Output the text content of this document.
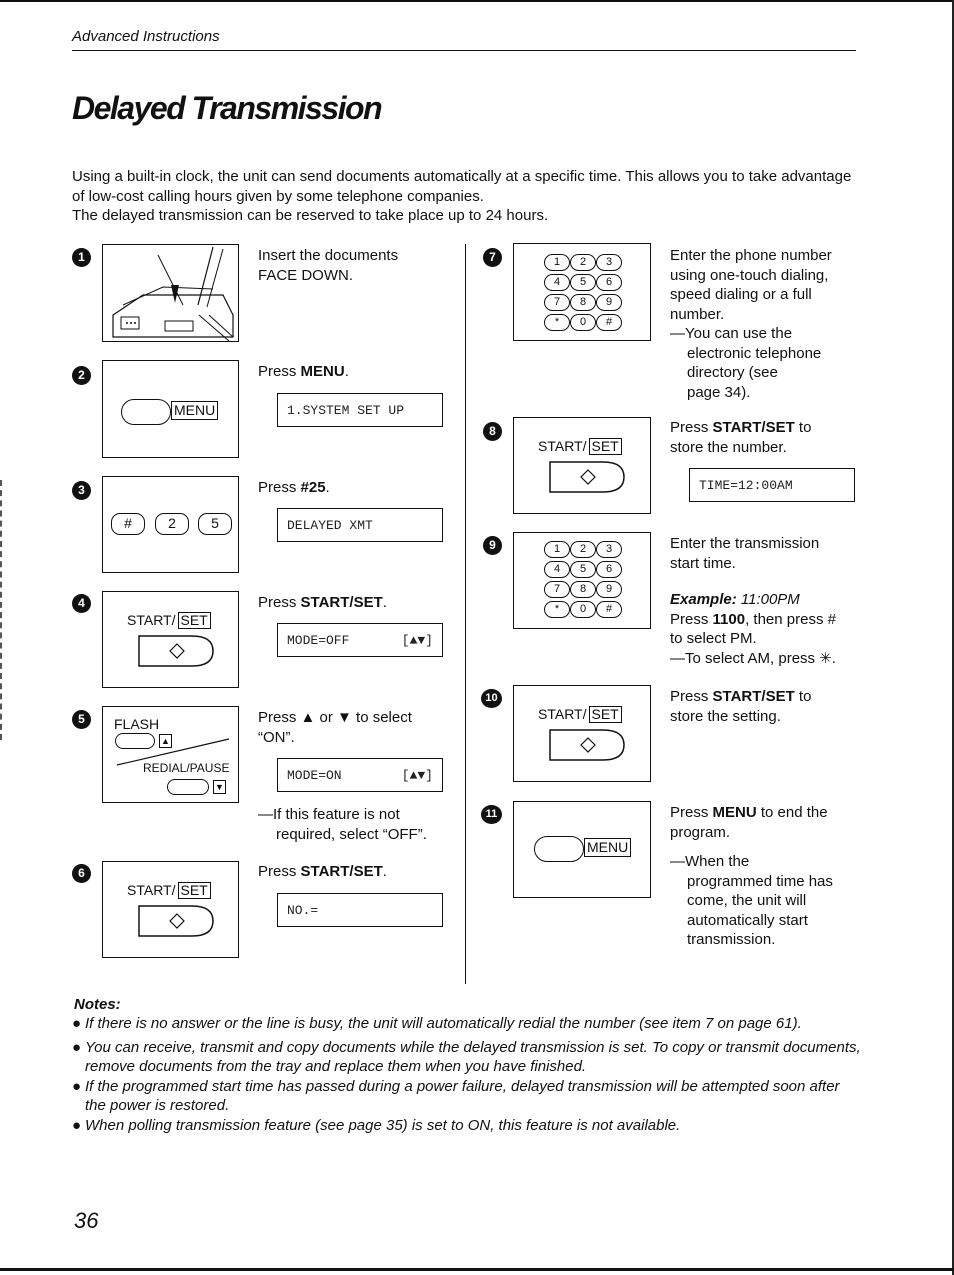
Advanced Instructions
Delayed Transmission
Using a built-in clock, the unit can send documents automatically at a specific time. This allows you to take advantage of low-cost calling hours given by some telephone companies.
The delayed transmission can be reserved to take place up to 24 hours.
1	Insert the documents
FACE DOWN.
2
MENU
Press MENU.
1.SYSTEM SET UP
3
#	2	5
Press #25.
DELAYED XMT
4
START/ SET
Press START/SET.
MODE=OFF	[▲▼]
5	FLASH
▲
REDIAL/PAUSE
▼
Press ▲ or ▼ to select
“ON”.
MODE=ON	[▲▼]
—If this feature is not
required, select “OFF”.
6
START/ SET
Press START/SET.
NO.=
7	1	2	3
4	5	6
7	8	9
*	0	#
Enter the phone number
using one-touch dialing,
speed dialing or a full
number.
—You can use the
electronic telephone
directory (see
page 34).
8
START/ SET
Press START/SET to
store the number.
TIME=12:00AM
9	1	2	3
4	5	6
7	8	9
*	0	#
Enter the transmission
start time.
Example: 11:00PM
Press 1100, then press #
to select PM.
—To select AM, press ✳.
10
START/ SET
Press START/SET to
store the setting.
11
MENU
Press MENU to end the
program.
—When the
programmed time has
come, the unit will
automatically start
transmission.
Notes:
● If there is no answer or the line is busy, the unit will automatically redial the number (see item 7 on page 61).
● You can receive, transmit and copy documents while the delayed transmission is set. To copy or transmit documents, remove documents from the tray and replace them when you have finished.
● If the programmed start time has passed during a power failure, delayed transmission will be attempted soon after the power is restored.
● When polling transmission feature (see page 35) is set to ON, this feature is not available.
36
